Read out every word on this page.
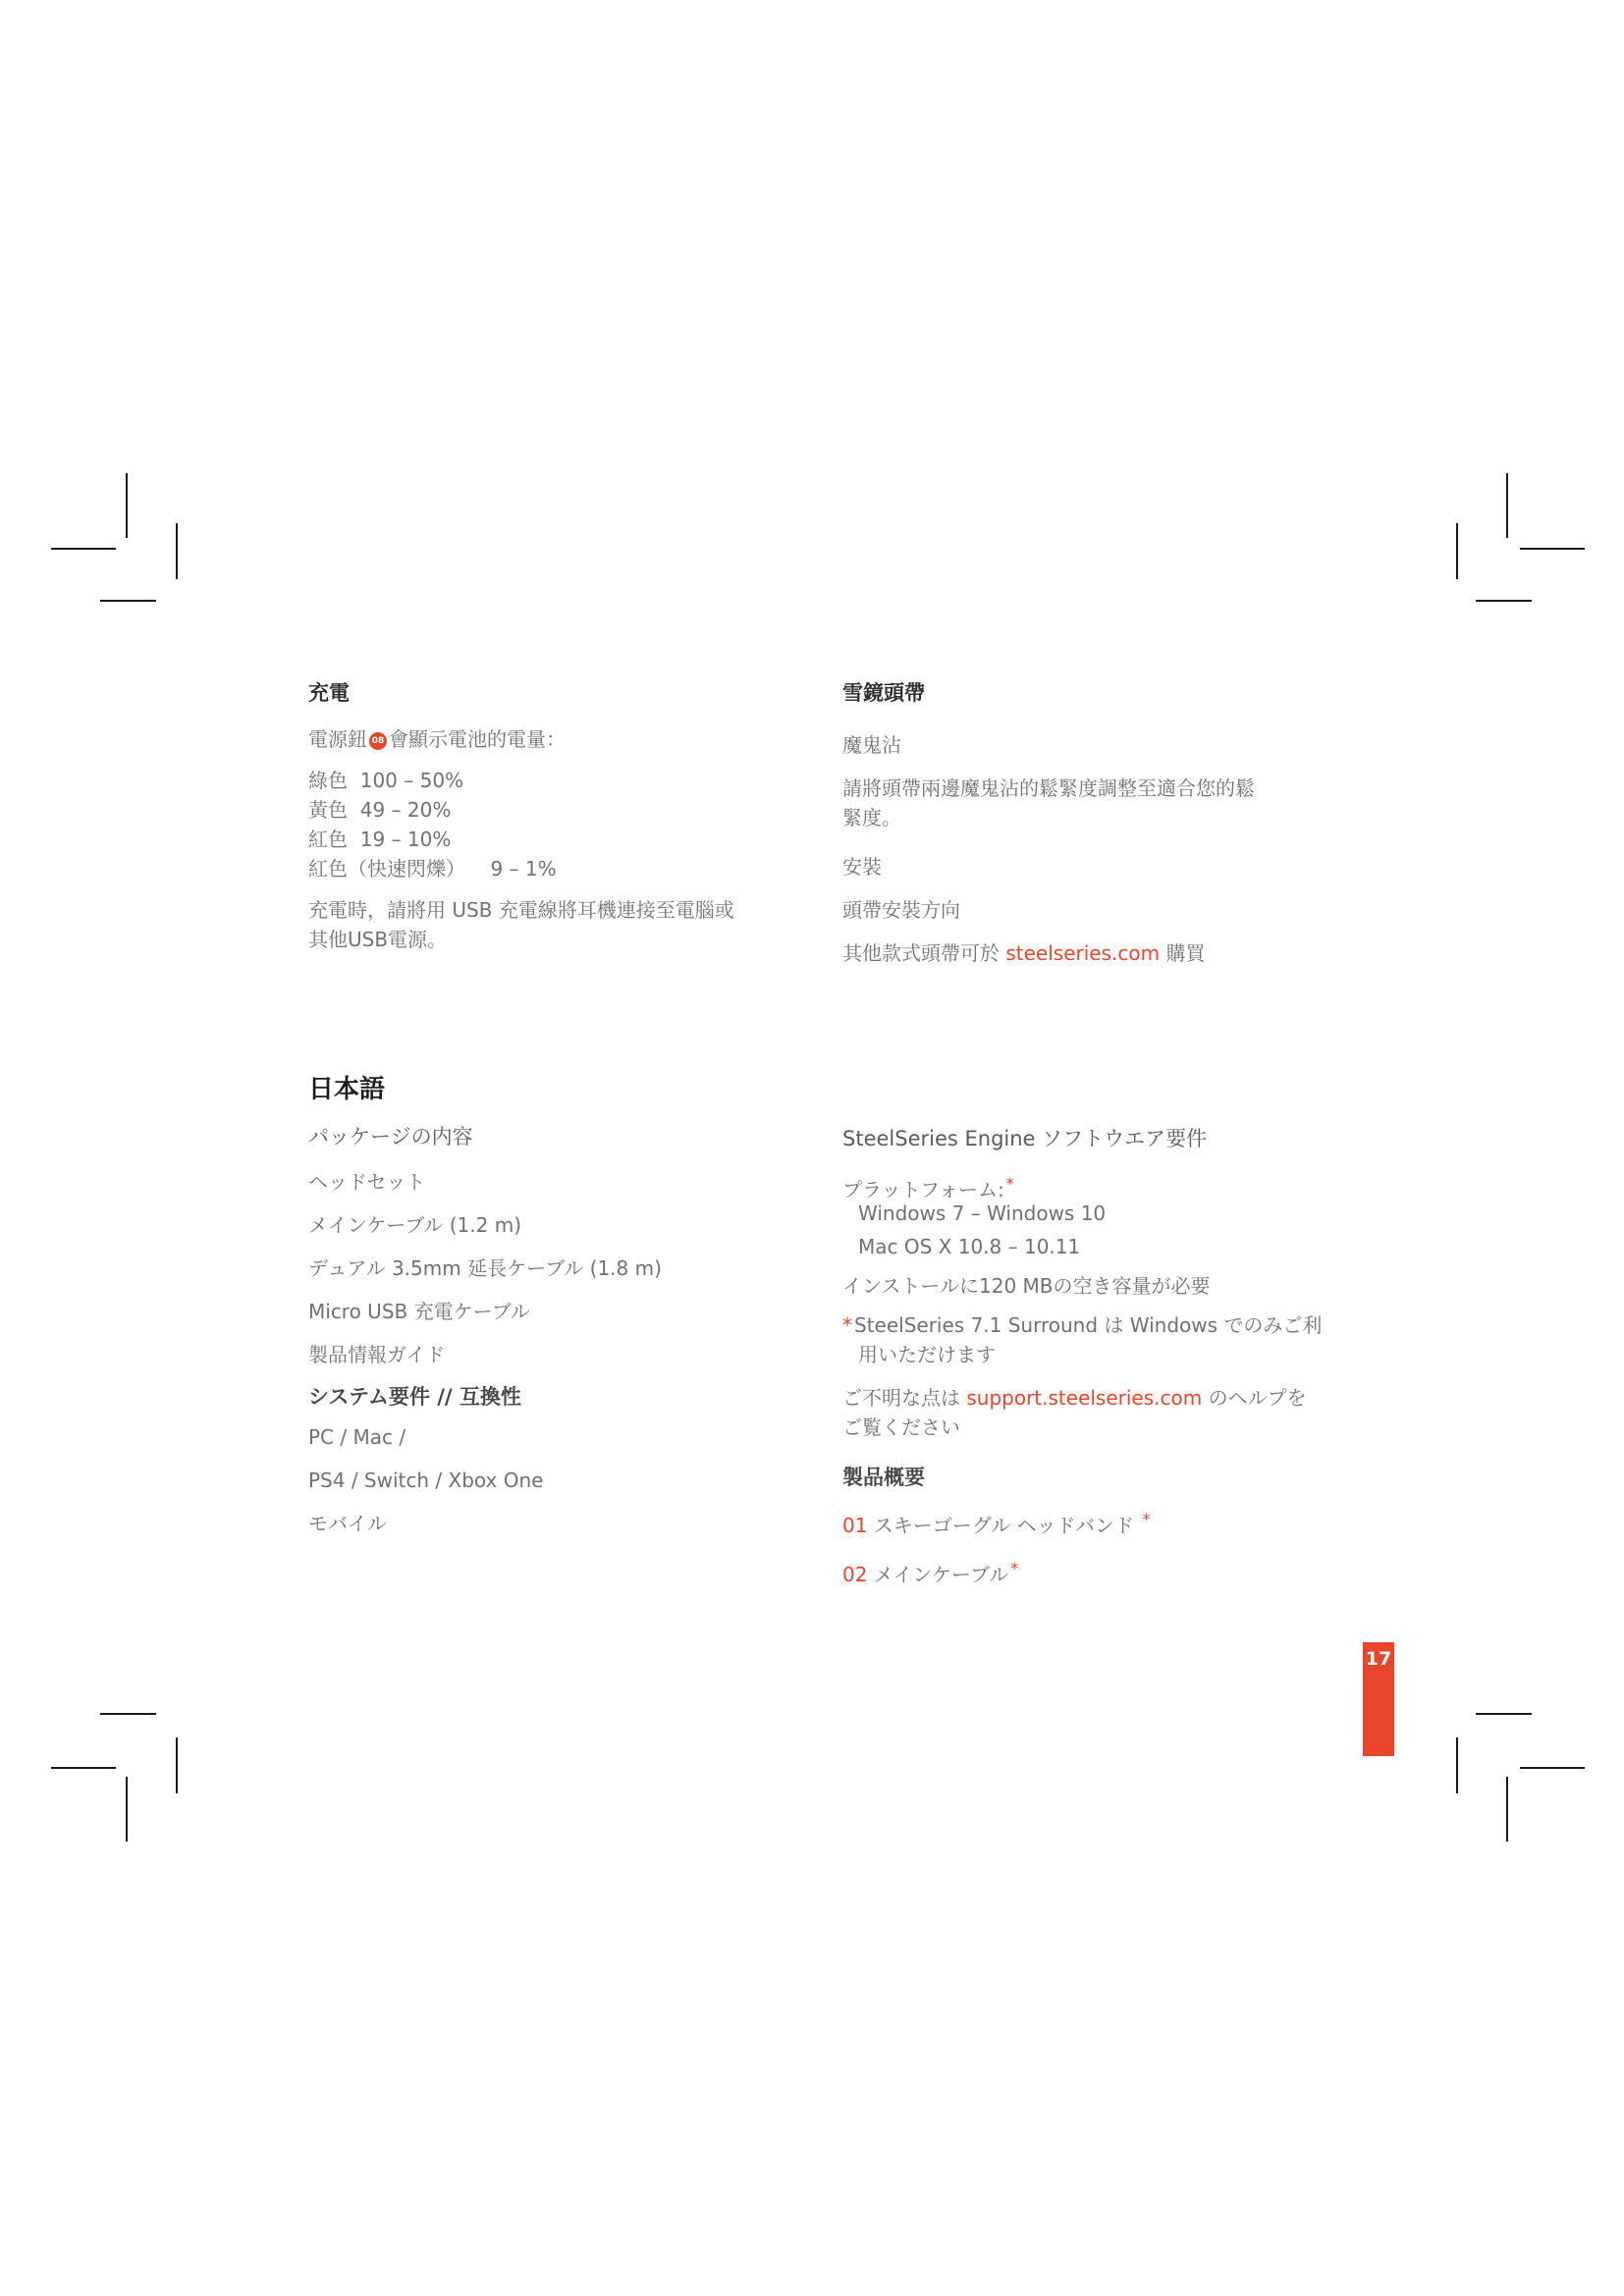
充電

電源鈕 08 會顯示電池的電量：

綠色 100 – 50%

黃色 49 – 20%

紅色 19 – 10%

紅色（快速閃爍） 9 – 1%

充電時，請將用 USB 充電線將耳機連接至電腦或

其他USB電源。

雪鏡頭帶

魔鬼沾

請將頭帶兩邊魔鬼沾的鬆緊度調整至適合您的鬆

緊度。

安裝

頭帶安裝方向

其他款式頭帶可於 steelseries.com 購買

日本語

パッケージの内容

ヘッドセット

メインケーブル (1.2 m)

デュアル 3.5mm 延長ケーブル (1.8 m)

Micro USB 充電ケーブル

製品情報ガイド

システム要件 // 互換性

PC / Mac /

PS4 / Switch / Xbox One

モバイル

SteelSeries Engine ソフトウエア要件

プラットフォーム: *

Windows 7 – Windows 10

Mac OS X 10.8 – 10.11

インストールに120 MBの空き容量が必要

* SteelSeries 7.1 Surround は Windows でのみご利

用いただけます

ご不明な点は support.steelseries.com のヘルプを

ご覧ください

製品概要

01 スキーゴーグル ヘッドバンド *

02 メインケーブル *

17
